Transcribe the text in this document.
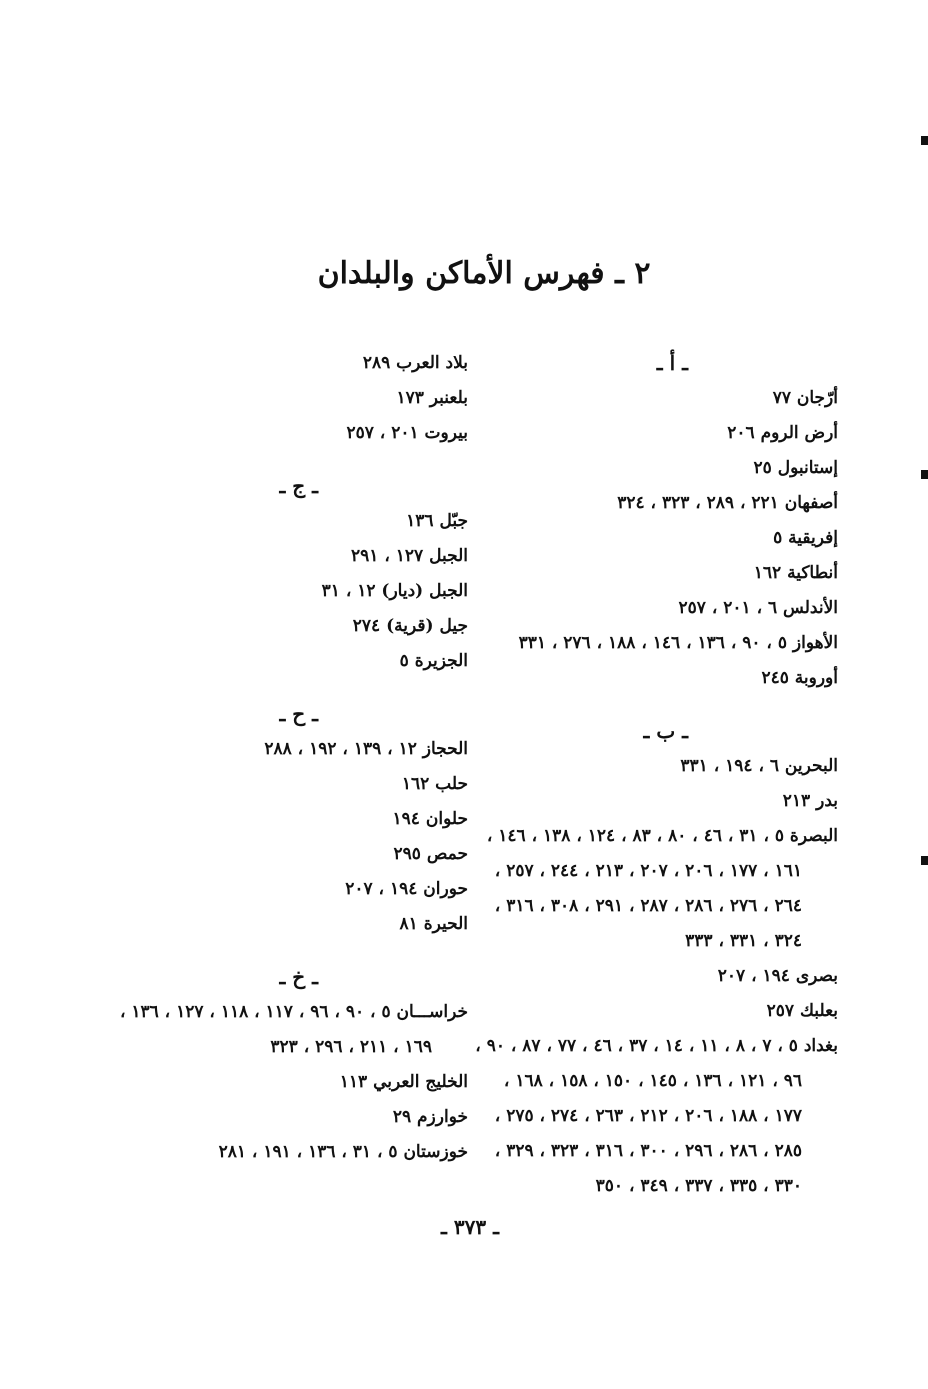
٢ ـ فهرس الأماكن والبلدان
ـ أ ـ
أرّجان ٧٧
أرض الروم ٢٠٦
إستانبول ٢٥
أصفهان ٢٢١ ، ٢٨٩ ، ٣٢٣ ، ٣٢٤
إفريقية ٥
أنطاكية ١٦٢
الأندلس ٦ ، ٢٠١ ، ٢٥٧
الأهواز ٥ ، ٩٠ ، ١٣٦ ، ١٤٦ ، ١٨٨ ، ٢٧٦ ، ٣٣١
أوروبة ٢٤٥
ـ ب ـ
البحرين ٦ ، ١٩٤ ، ٣٣١
بدر ٢١٣
البصرة ٥ ، ٣١ ، ٤٦ ، ٨٠ ، ٨٣ ، ١٢٤ ، ١٣٨ ، ١٤٦ ،
١٦١ ، ١٧٧ ، ٢٠٦ ، ٢٠٧ ، ٢١٣ ، ٢٤٤ ، ٢٥٧ ،
٢٦٤ ، ٢٧٦ ، ٢٨٦ ، ٢٨٧ ، ٢٩١ ، ٣٠٨ ، ٣١٦ ،
٣٢٤ ، ٣٣١ ، ٣٣٣
بصرى ١٩٤ ، ٢٠٧
بعلبك ٢٥٧
بغداد ٥ ، ٧ ، ٨ ، ١١ ، ١٤ ، ٣٧ ، ٤٦ ، ٧٧ ، ٨٧ ، ٩٠ ،
٩٦ ، ١٢١ ، ١٣٦ ، ١٤٥ ، ١٥٠ ، ١٥٨ ، ١٦٨ ،
١٧٧ ، ١٨٨ ، ٢٠٦ ، ٢١٢ ، ٢٦٣ ، ٢٧٤ ، ٢٧٥ ،
٢٨٥ ، ٢٨٦ ، ٢٩٦ ، ٣٠٠ ، ٣١٦ ، ٣٢٣ ، ٣٢٩ ،
٣٣٠ ، ٣٣٥ ، ٣٣٧ ، ٣٤٩ ، ٣٥٠
بلاد العرب ٢٨٩
بلعنبر ١٧٣
بيروت ٢٠١ ، ٢٥٧
ـ ج ـ
جبّل ١٣٦
الجبل ١٢٧ ، ٢٩١
الجبل (ديار) ١٢ ، ٣١
جيل (قرية) ٢٧٤
الجزيرة ٥
ـ ح ـ
الحجاز ١٢ ، ١٣٩ ، ١٩٢ ، ٢٨٨
حلب ١٦٢
حلوان ١٩٤
حمص ٢٩٥
حوران ١٩٤ ، ٢٠٧
الحيرة ٨١
ـ خ ـ
خراســـان ٥ ، ٩٠ ، ٩٦ ، ١١٧ ، ١١٨ ، ١٢٧ ، ١٣٦ ،
١٦٩ ، ٢١١ ، ٢٩٦ ، ٣٢٣
الخليج العربي ١١٣
خوارزم ٢٩
خوزستان ٥ ، ٣١ ، ١٣٦ ، ١٩١ ، ٢٨١
ـ ٣٧٣ ـ
